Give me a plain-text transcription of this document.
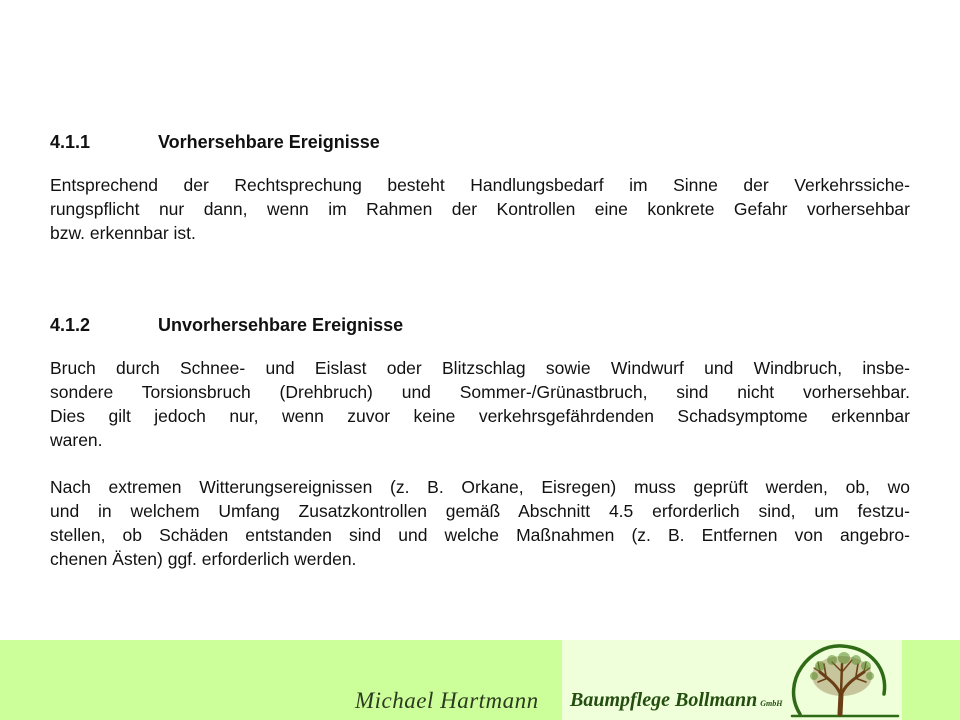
4.1.1	Vorhersehbare Ereignisse

Entsprechend der Rechtsprechung besteht Handlungsbedarf im Sinne der Verkehrssiche-
rungspflicht nur dann, wenn im Rahmen der Kontrollen eine konkrete Gefahr vorhersehbar
bzw. erkennbar ist.

4.1.2	Unvorhersehbare Ereignisse

Bruch durch Schnee- und Eislast oder Blitzschlag sowie Windwurf und Windbruch, insbe-
sondere Torsionsbruch (Drehbruch) und Sommer-/Grünastbruch, sind nicht vorhersehbar.
Dies gilt jedoch nur, wenn zuvor keine verkehrsgefährdenden Schadsymptome erkennbar
waren.

Nach extremen Witterungsereignissen (z. B. Orkane, Eisregen) muss geprüft werden, ob, wo
und in welchem Umfang Zusatzkontrollen gemäß Abschnitt 4.5 erforderlich sind, um festzu-
stellen, ob Schäden entstanden sind und welche Maßnahmen (z. B. Entfernen von angebro-
chenen Ästen) ggf. erforderlich werden.

Michael Hartmann Baumpflege Bollmann GmbH
